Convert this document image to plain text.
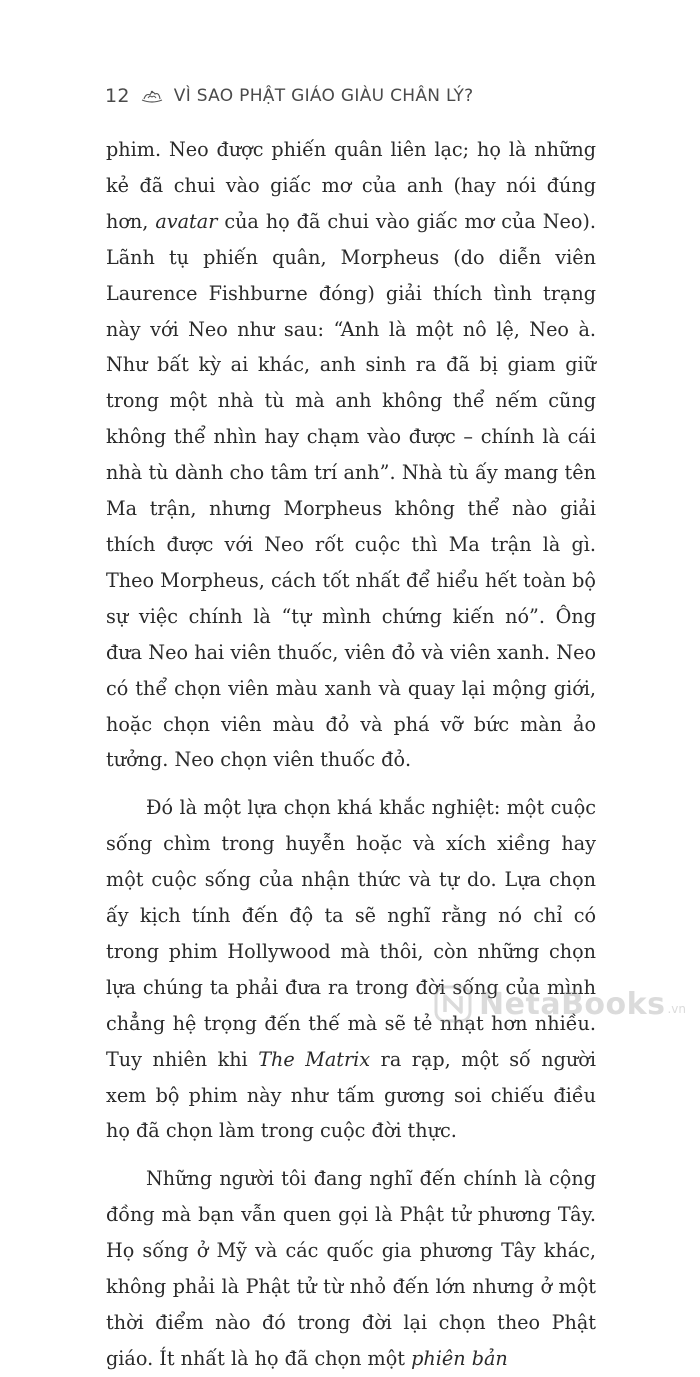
12	VÌ SAO PHẬT GIÁO GIÀU CHÂN LÝ?

phim. Neo được phiến quân liên lạc; họ là những kẻ đã chui vào giấc mơ của anh (hay nói đúng hơn, avatar của họ đã chui vào giấc mơ của Neo). Lãnh tụ phiến quân, Morpheus (do diễn viên Laurence Fishburne đóng) giải thích tình trạng này với Neo như sau: “Anh là một nô lệ, Neo à. Như bất kỳ ai khác, anh sinh ra đã bị giam giữ trong một nhà tù mà anh không thể nếm cũng không thể nhìn hay chạm vào được – chính là cái nhà tù dành cho tâm trí anh”. Nhà tù ấy mang tên Ma trận, nhưng Morpheus không thể nào giải thích được với Neo rốt cuộc thì Ma trận là gì. Theo Morpheus, cách tốt nhất để hiểu hết toàn bộ sự việc chính là “tự mình chứng kiến nó”. Ông đưa Neo hai viên thuốc, viên đỏ và viên xanh. Neo có thể chọn viên màu xanh và quay lại mộng giới, hoặc chọn viên màu đỏ và phá vỡ bức màn ảo tưởng. Neo chọn viên thuốc đỏ.

Đó là một lựa chọn khá khắc nghiệt: một cuộc sống chìm trong huyễn hoặc và xích xiềng hay một cuộc sống của nhận thức và tự do. Lựa chọn ấy kịch tính đến độ ta sẽ nghĩ rằng nó chỉ có trong phim Hollywood mà thôi, còn những chọn lựa chúng ta phải đưa ra trong đời sống của mình chẳng hệ trọng đến thế mà sẽ tẻ nhạt hơn nhiều. Tuy nhiên khi The Matrix ra rạp, một số người xem bộ phim này như tấm gương soi chiếu điều họ đã chọn làm trong cuộc đời thực.

Những người tôi đang nghĩ đến chính là cộng đồng mà bạn vẫn quen gọi là Phật tử phương Tây. Họ sống ở Mỹ và các quốc gia phương Tây khác, không phải là Phật tử từ nhỏ đến lớn nhưng ở một thời điểm nào đó trong đời lại chọn theo Phật giáo. Ít nhất là họ đã chọn một phiên bản

NetaBooks .vn
